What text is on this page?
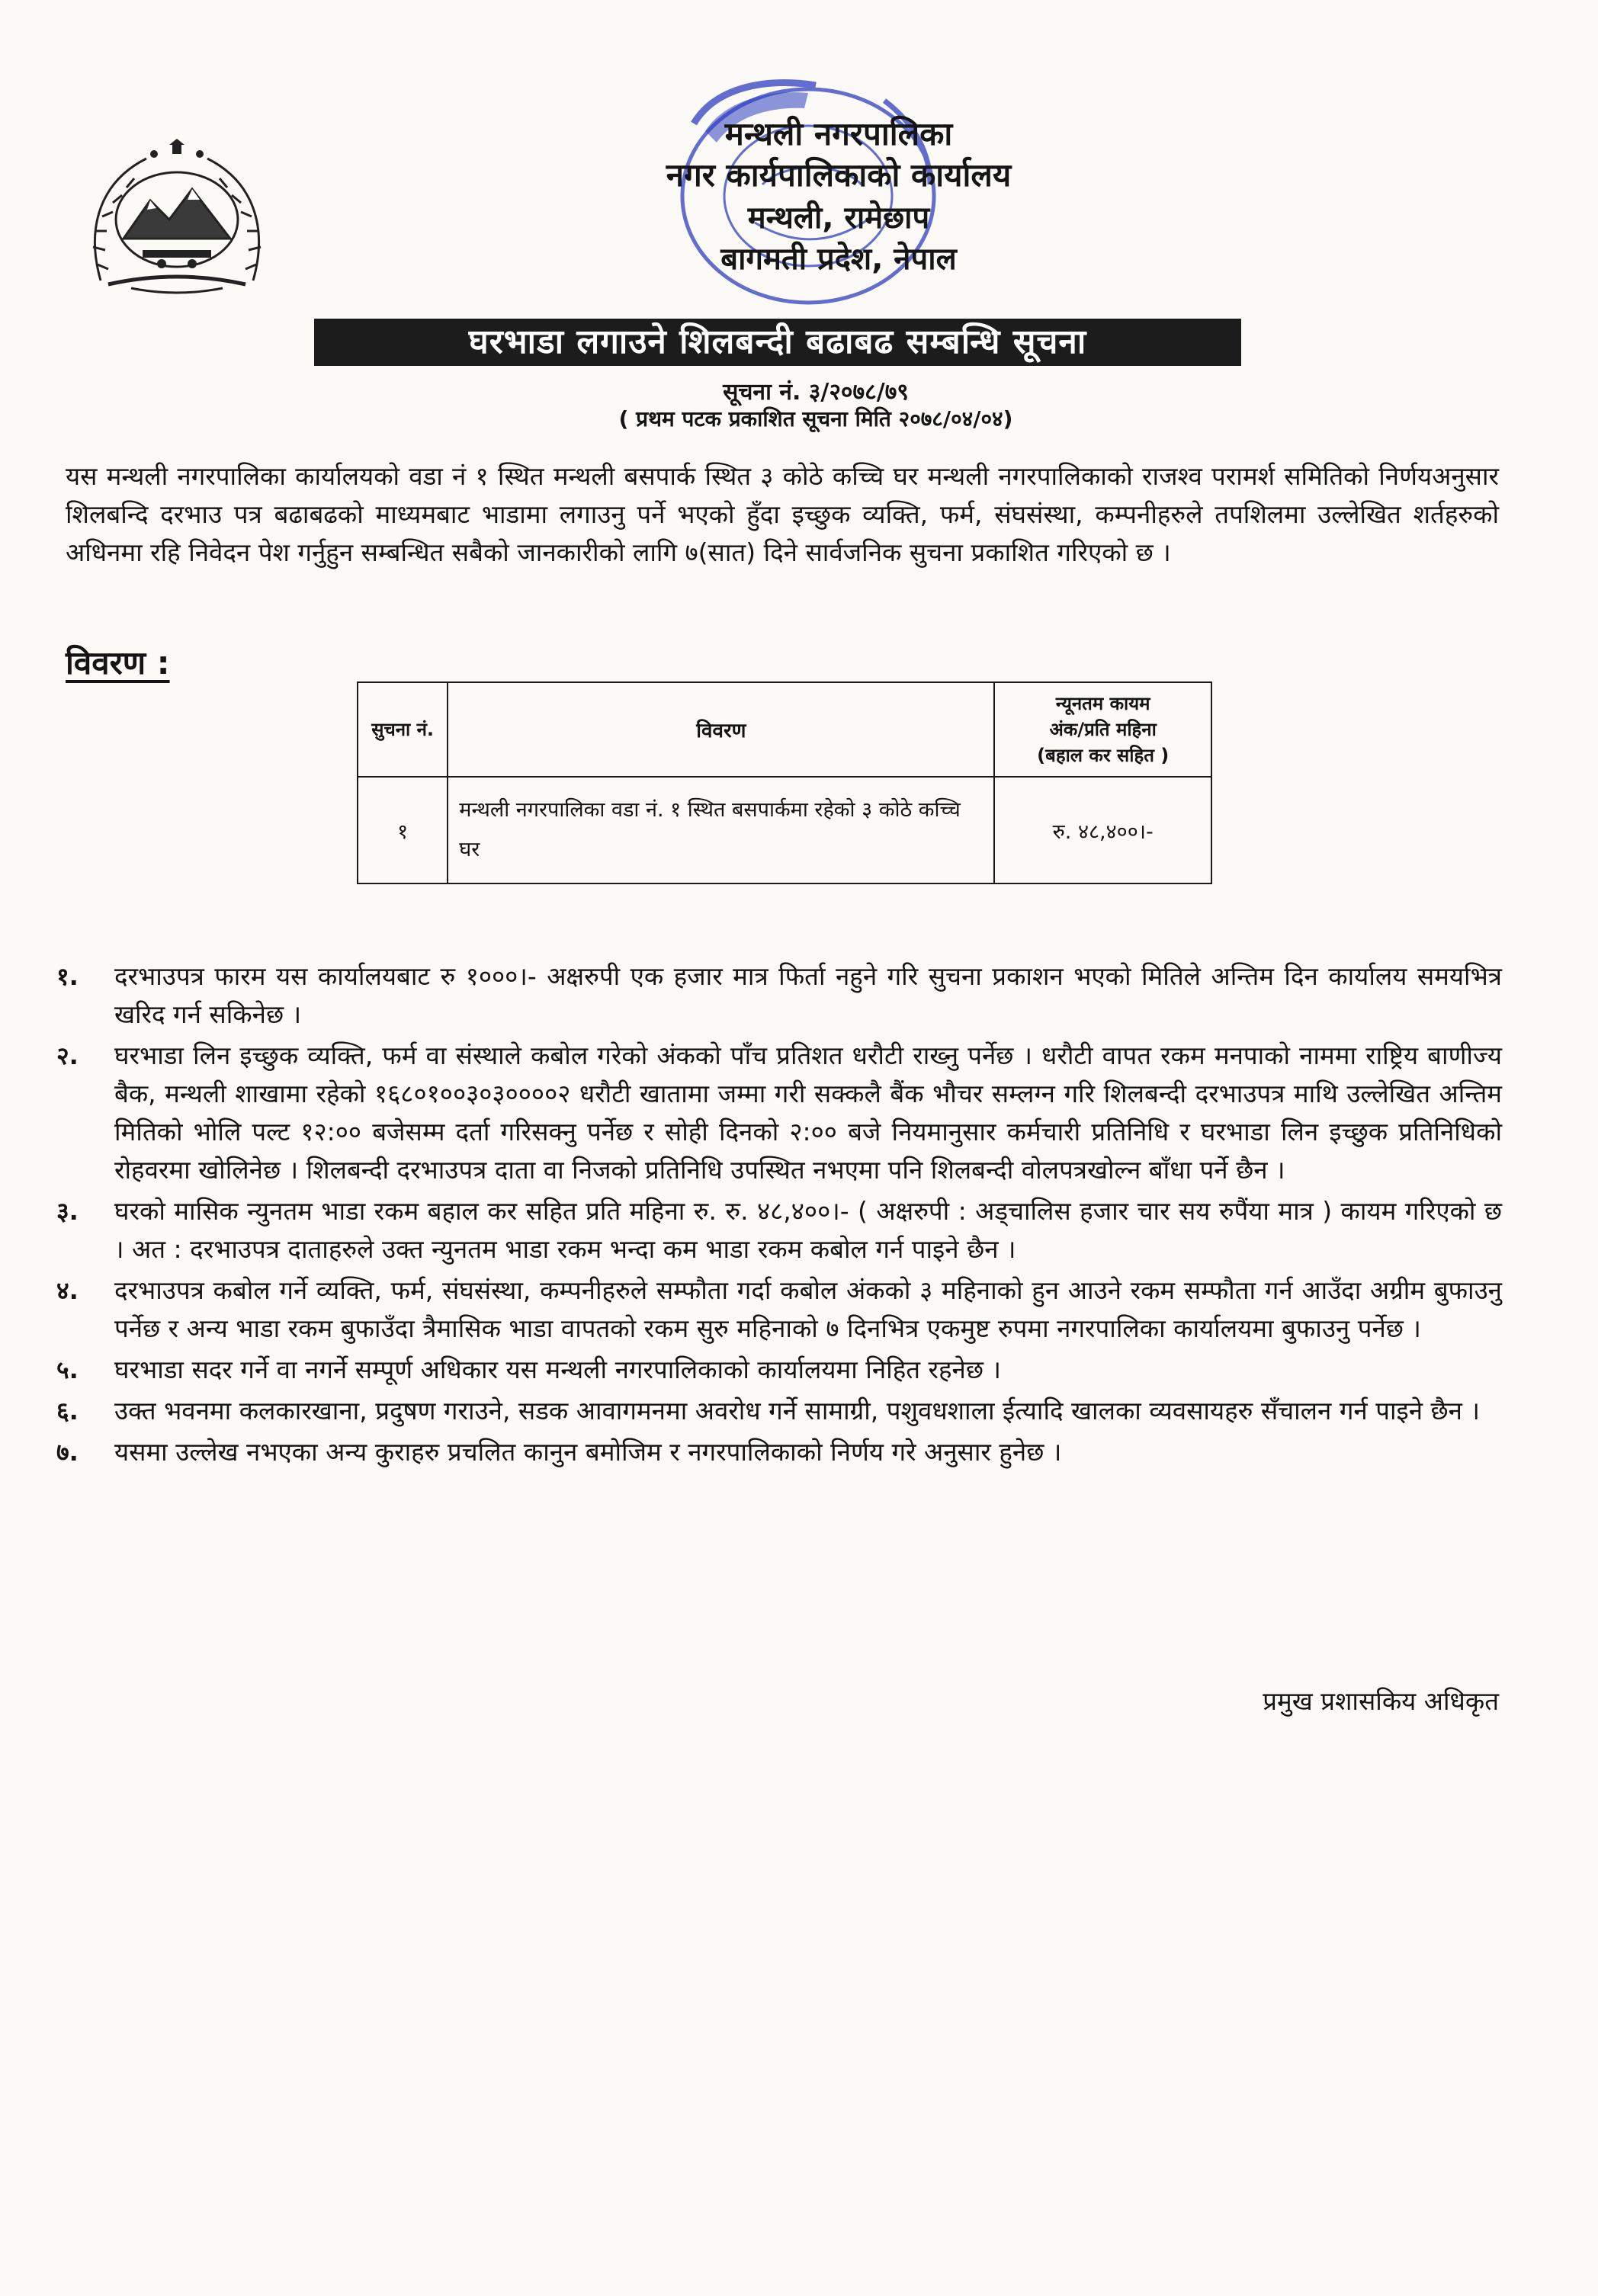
मन्थली नगरपालिका
नगर कार्यपालिकाको कार्यालय
मन्थली, रामेछाप
बागमती प्रदेश, नेपाल
घरभाडा लगाउने शिलबन्दी बढाबढ सम्बन्धि सूचना
सूचना नं. ३/२०७८/७९
( प्रथम पटक प्रकाशित सूचना मिति २०७८/०४/०४)
यस मन्थली नगरपालिका कार्यालयको वडा नं १ स्थित मन्थली बसपार्क स्थित ३ कोठे कच्चि घर मन्थली नगरपालिकाको राजश्व परामर्श समितिको निर्णयअनुसार शिलबन्दि दरभाउ पत्र बढाबढको माध्यमबाट भाडामा लगाउनु पर्ने भएको हुँदा इच्छुक व्यक्ति, फर्म, संघसंस्था, कम्पनीहरुले तपशिलमा उल्लेखित शर्तहरुको अधिनमा रहि निवेदन पेश गर्नुहुन सम्बन्धित सबैको जानकारीको लागि ७(सात) दिने सार्वजनिक सुचना प्रकाशित गरिएको छ ।
विवरण :
सुचना नं.	विवरण	न्यूनतम कायम
अंक/प्रति महिना
(बहाल कर सहित )

१	मन्थली नगरपालिका वडा नं. १ स्थित बसपार्कमा रहेको ३ कोठे कच्चि घर	रु. ४८,४००।-
१. दरभाउपत्र फारम यस कार्यालयबाट रु १०००।- अक्षरुपी एक हजार मात्र फिर्ता नहुने गरि सुचना प्रकाशन भएको मितिले अन्तिम दिन कार्यालय समयभित्र खरिद गर्न सकिनेछ ।
२. घरभाडा लिन इच्छुक व्यक्ति, फर्म वा संस्थाले कबोल गरेको अंकको पाँच प्रतिशत धरौटी राख्नु पर्नेछ । धरौटी वापत रकम मनपाको नाममा राष्ट्रिय बाणीज्य बैक, मन्थली शाखामा रहेको १६८०१००३०३००००२ धरौटी खातामा जम्मा गरी सक्कलै बैंक भौचर सम्लग्न गरि शिलबन्दी दरभाउपत्र माथि उल्लेखित अन्तिम मितिको भोलि पल्ट १२:०० बजेसम्म दर्ता गरिसक्नु पर्नेछ र सोही दिनको २:०० बजे नियमानुसार कर्मचारी प्रतिनिधि र घरभाडा लिन इच्छुक प्रतिनिधिको रोहवरमा खोलिनेछ । शिलबन्दी दरभाउपत्र दाता वा निजको प्रतिनिधि उपस्थित नभएमा पनि शिलबन्दी वोलपत्रखोल्न बाँधा पर्ने छैन ।
३. घरको मासिक न्युनतम भाडा रकम बहाल कर सहित प्रति महिना रु. रु. ४८,४००।- ( अक्षरुपी : अड्चालिस हजार चार सय रुपैंया मात्र ) कायम गरिएको छ । अत : दरभाउपत्र दाताहरुले उक्त न्युनतम भाडा रकम भन्दा कम भाडा रकम कबोल गर्न पाइने छैन ।
४. दरभाउपत्र कबोल गर्ने व्यक्ति, फर्म, संघसंस्था, कम्पनीहरुले सम्फौता गर्दा कबोल अंकको ३ महिनाको हुन आउने रकम सम्फौता गर्न आउँदा अग्रीम बुफाउनु पर्नेछ र अन्य भाडा रकम बुफाउँदा त्रैमासिक भाडा वापतको रकम सुरु महिनाको ७ दिनभित्र एकमुष्ट रुपमा नगरपालिका कार्यालयमा बुफाउनु पर्नेछ ।
५. घरभाडा सदर गर्ने वा नगर्ने सम्पूर्ण अधिकार यस मन्थली नगरपालिकाको कार्यालयमा निहित रहनेछ ।
६. उक्त भवनमा कलकारखाना, प्रदुषण गराउने, सडक आवागमनमा अवरोध गर्ने सामाग्री, पशुवधशाला ईत्यादि खालका व्यवसायहरु सँचालन गर्न पाइने छैन ।
७. यसमा उल्लेख नभएका अन्य कुराहरु प्रचलित कानुन बमोजिम र नगरपालिकाको निर्णय गरे अनुसार हुनेछ ।
प्रमुख प्रशासकिय अधिकृत
